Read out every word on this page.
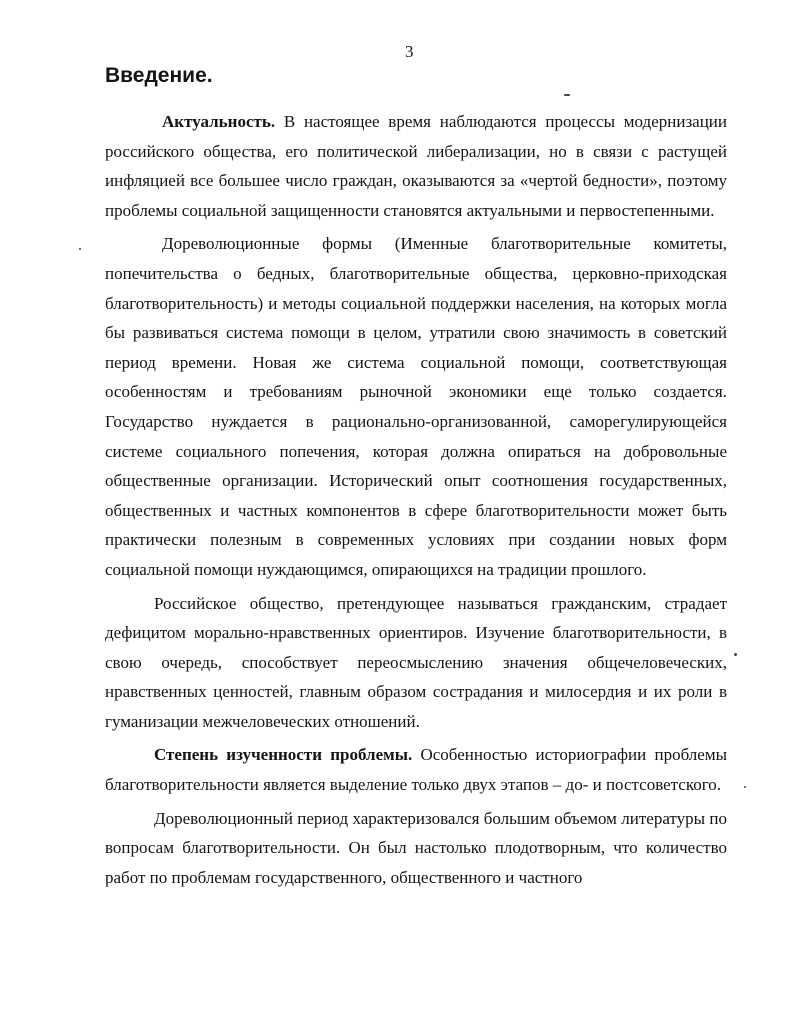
3
Введение.

Актуальность. В настоящее время наблюдаются процессы модернизации российского общества, его политической либерализации, но в связи с растущей инфляцией все большее число граждан, оказываются за «чертой бедности», поэтому проблемы социальной защищенности становятся актуальными и первостепенными.

Дореволюционные формы (Именные благотворительные комитеты, попечительства о бедных, благотворительные общества, церковно-приходская благотворительность) и методы социальной поддержки населения, на которых могла бы развиваться система помощи в целом, утратили свою значимость в советский период времени. Новая же система социальной помощи, соответствующая особенностям и требованиям рыночной экономики еще только создается. Государство нуждается в рационально-организованной, саморегулирующейся системе социального попечения, которая должна опираться на добровольные общественные организации. Исторический опыт соотношения государственных, общественных и частных компонентов в сфере благотворительности может быть практически полезным в современных условиях при создании новых форм социальной помощи нуждающимся, опирающихся на традиции прошлого.

Российское общество, претендующее называться гражданским, страдает дефицитом морально-нравственных ориентиров. Изучение благотворительности, в свою очередь, способствует переосмыслению значения общечеловеческих, нравственных ценностей, главным образом сострадания и милосердия и их роли в гуманизации межчеловеческих отношений.

Степень изученности проблемы. Особенностью историографии проблемы благотворительности является выделение только двух этапов – до- и постсоветского.

Дореволюционный период характеризовался большим объемом литературы по вопросам благотворительности. Он был настолько плодотворным, что количество работ по проблемам государственного, общественного и частного
